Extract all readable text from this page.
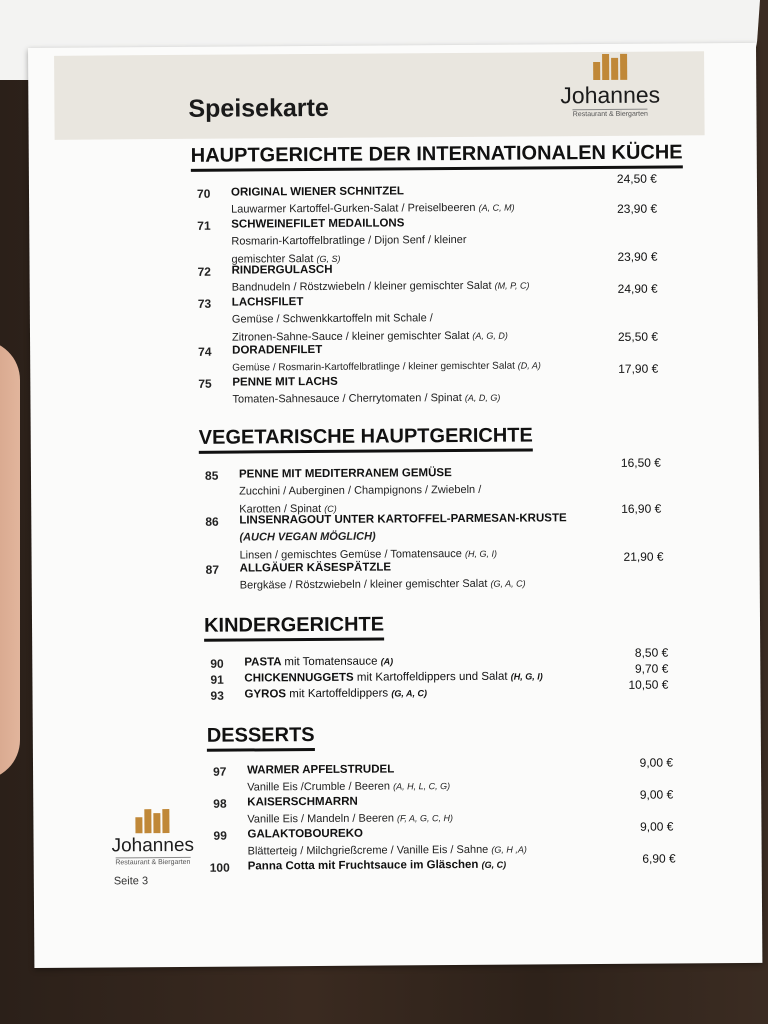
Speisekarte	Johannes
Restaurant & Biergarten
HAUPTGERICHTE DER INTERNATIONALEN KÜCHE
70 ORIGINAL WIENER SCHNITZEL
Lauwarmer Kartoffel-Gurken-Salat / Preiselbeeren (A, C, M)
24,50 €
71 SCHWEINEFILET MEDAILLONS
Rosmarin-Kartoffelbratlinge / Dijon Senf / kleiner
gemischter Salat (G, S)
23,90 €
72 RINDERGULASCH
Bandnudeln / Röstzwiebeln / kleiner gemischter Salat (M, P, C)
23,90 €
73 LACHSFILET
Gemüse / Schwenkkartoffeln mit Schale /
Zitronen-Sahne-Sauce / kleiner gemischter Salat (A, G, D)
24,90 €
74 DORADENFILET
Gemüse / Rosmarin-Kartoffelbratlinge / kleiner gemischter Salat (D, A)
25,50 €
75 PENNE MIT LACHS
Tomaten-Sahnesauce / Cherrytomaten / Spinat (A, D, G)
17,90 €
VEGETARISCHE HAUPTGERICHTE
85 PENNE MIT MEDITERRANEM GEMÜSE
Zucchini / Auberginen / Champignons / Zwiebeln /
Karotten / Spinat (C)
16,50 €
86 LINSENRAGOUT UNTER KARTOFFEL-PARMESAN-KRUSTE
(AUCH VEGAN MÖGLICH)
Linsen / gemischtes Gemüse / Tomatensauce (H, G, I)
16,90 €
87 ALLGÄUER KÄSESPÄTZLE
Bergkäse / Röstzwiebeln / kleiner gemischter Salat (G, A, C)
21,90 €
KINDERGERICHTE
90 PASTA mit Tomatensauce (A)
8,50 €
91 CHICKENNUGGETS mit Kartoffeldippers und Salat (H, G, I)
9,70 €
93 GYROS mit Kartoffeldippers (G, A, C)
10,50 €
DESSERTS
97 WARMER APFELSTRUDEL
Vanille Eis /Crumble / Beeren (A, H, L, C, G)
9,00 €
98 KAISERSCHMARRN
Vanille Eis / Mandeln / Beeren (F, A, G, C, H)
9,00 €
99 GALAKTOBOUREKO
Blätterteig / Milchgrießcreme / Vanille Eis / Sahne (G, H ,A)
9,00 €
100 Panna Cotta mit Fruchtsauce im Gläschen (G, C)	6,90 €
Johannes
Restaurant & Biergarten
Seite 3
